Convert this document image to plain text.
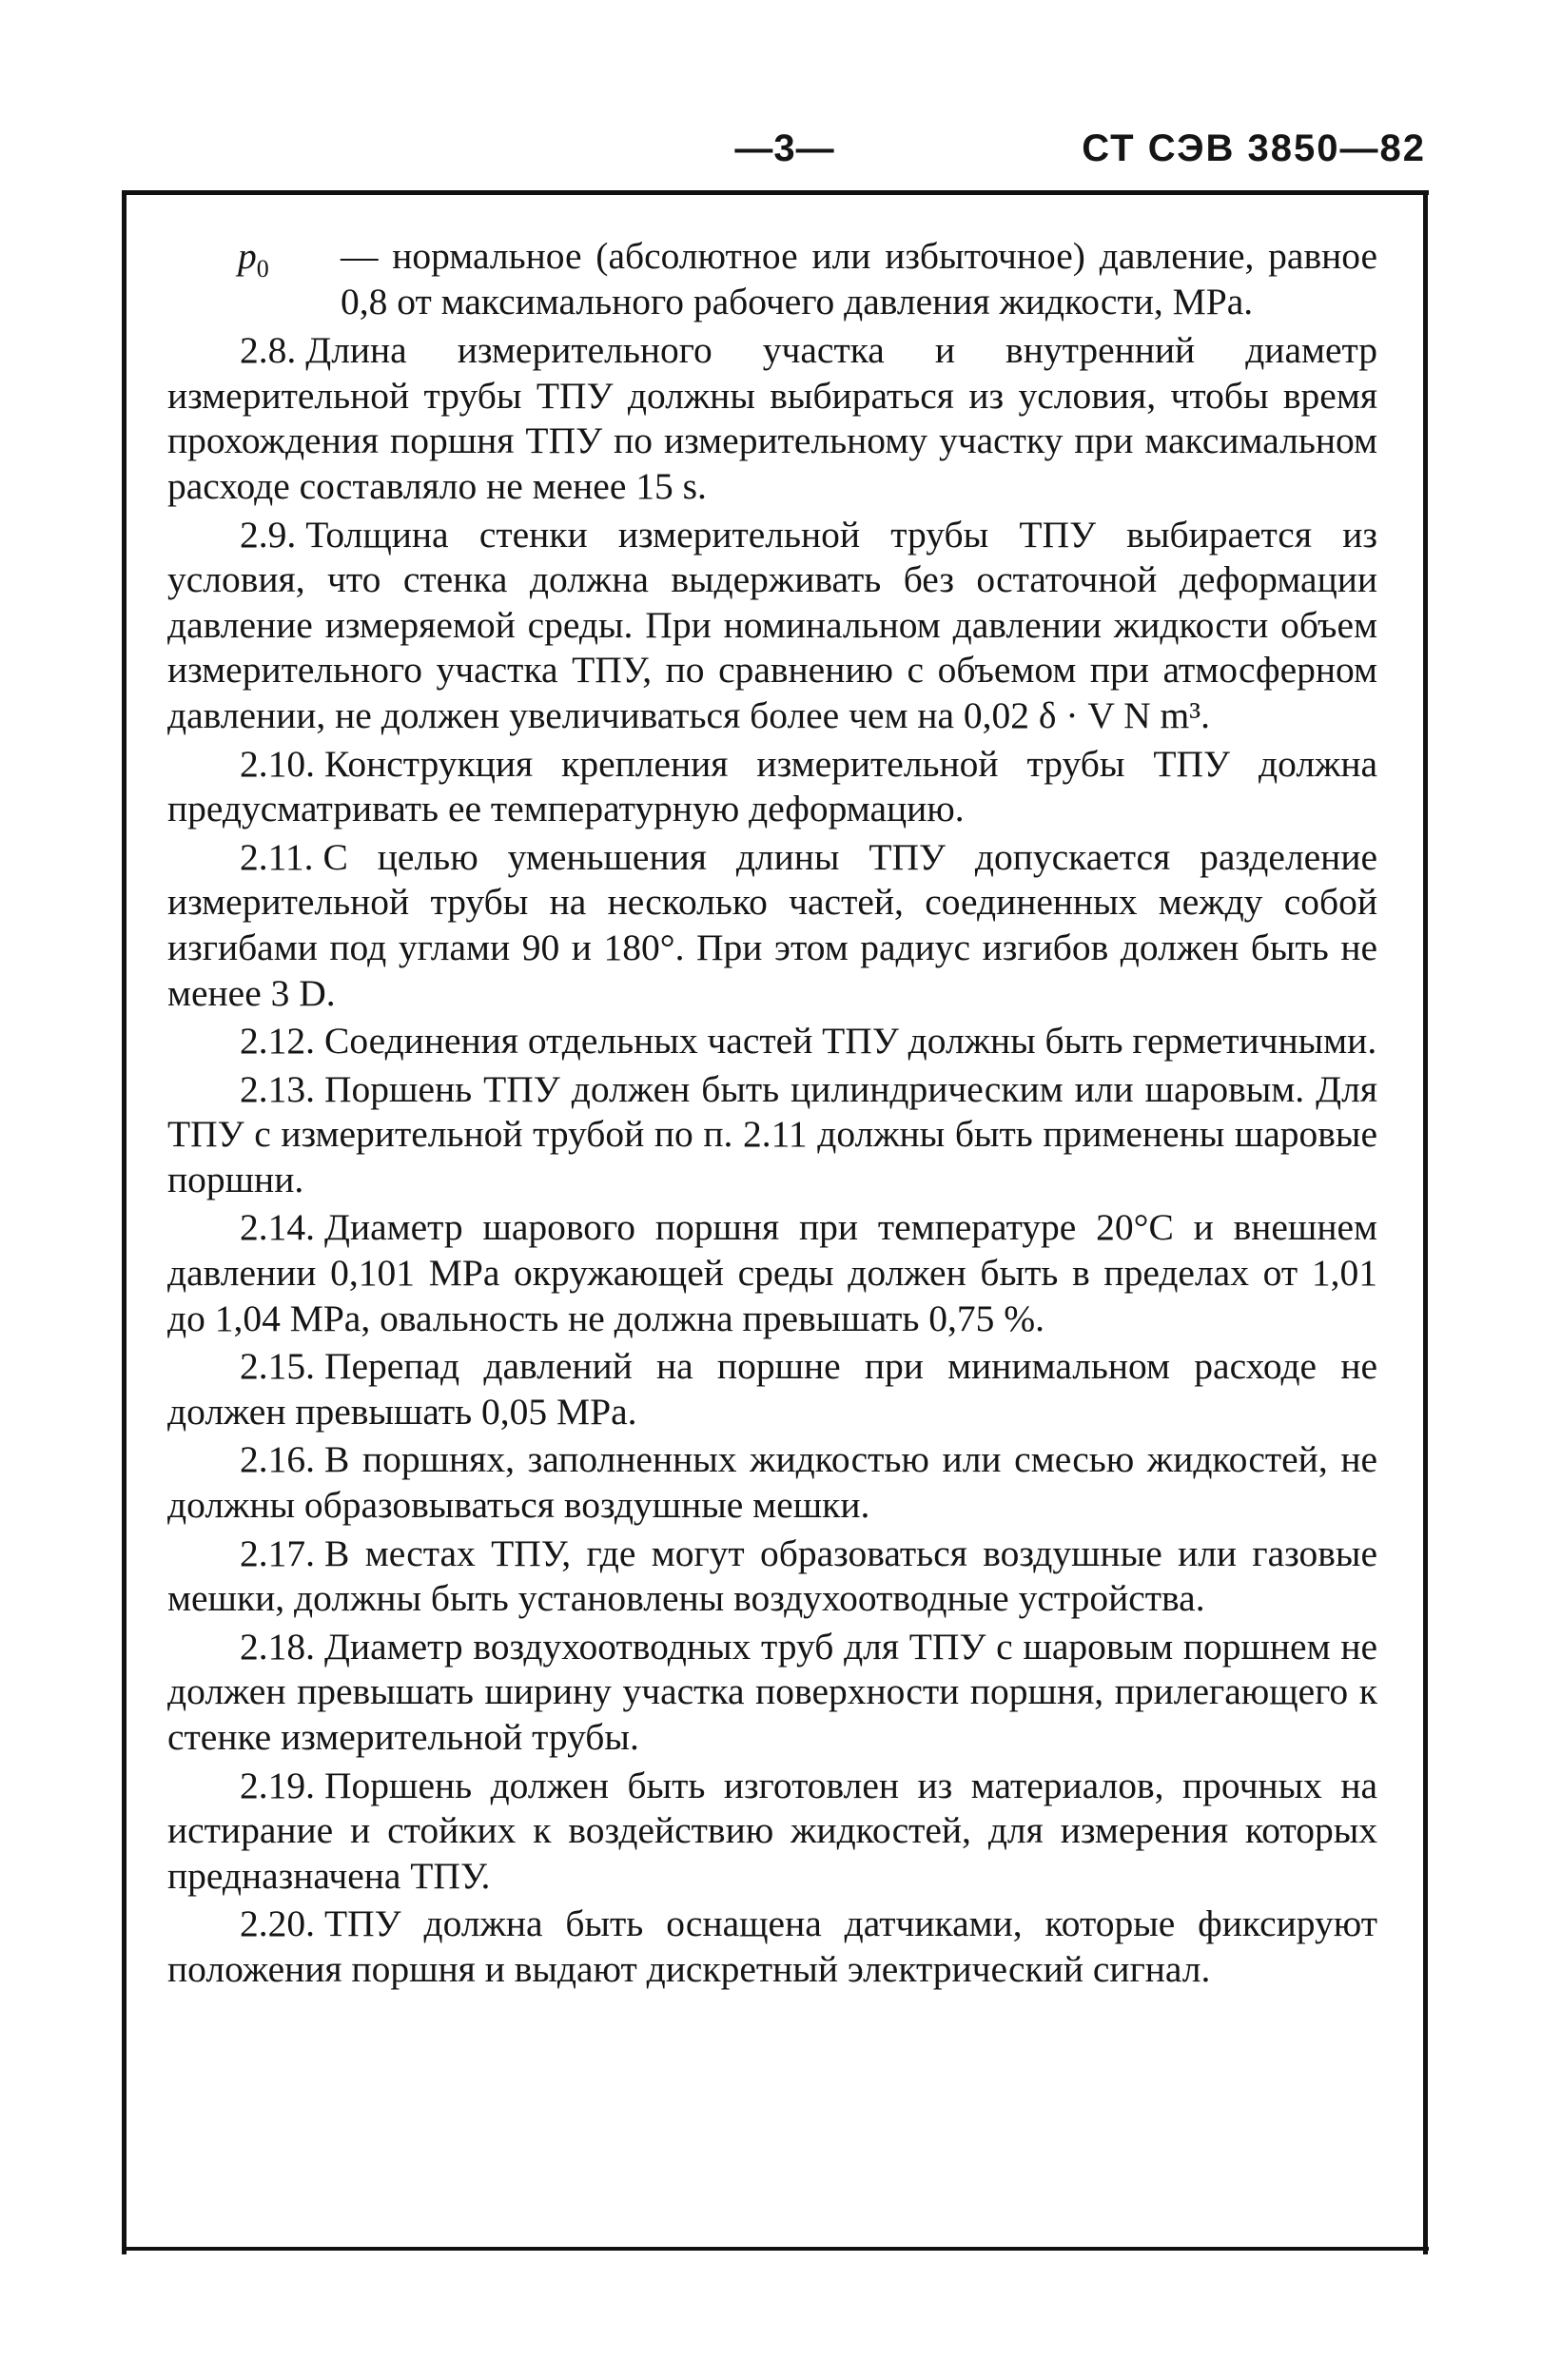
—3—	СТ СЭВ 3850—82
$p_0$ — нормальное (абсолютное или избыточное) давление, равное 0,8 от максимального рабочего давления жидкости, МРа.

2.8. Длина измерительного участка и внутренний диаметр измерительной трубы ТПУ должны выбираться из условия, чтобы время прохождения поршня ТПУ по измерительному участку при максимальном расходе составляло не менее 15 s.

2.9. Толщина стенки измерительной трубы ТПУ выбирается из условия, что стенка должна выдерживать без остаточной деформации давление измеряемой среды. При номинальном давлении жидкости объем измерительного участка ТПУ, по сравнению с объемом при атмосферном давлении, не должен увеличиваться более чем на 0,02 δ · V N m³.

2.10. Конструкция крепления измерительной трубы ТПУ должна предусматривать ее температурную деформацию.

2.11. С целью уменьшения длины ТПУ допускается разделение измерительной трубы на несколько частей, соединенных между собой изгибами под углами 90 и 180°. При этом радиус изгибов должен быть не менее 3 D.

2.12. Соединения отдельных частей ТПУ должны быть герметичными.

2.13. Поршень ТПУ должен быть цилиндрическим или шаровым. Для ТПУ с измерительной трубой по п. 2.11 должны быть применены шаровые поршни.

2.14. Диаметр шарового поршня при температуре 20°С и внешнем давлении 0,101 МРа окружающей среды должен быть в пределах от 1,01 до 1,04 МРа, овальность не должна превышать 0,75 %.

2.15. Перепад давлений на поршне при минимальном расходе не должен превышать 0,05 МРа.

2.16. В поршнях, заполненных жидкостью или смесью жидкостей, не должны образовываться воздушные мешки.

2.17. В местах ТПУ, где могут образоваться воздушные или газовые мешки, должны быть установлены воздухоотводные устройства.

2.18. Диаметр воздухоотводных труб для ТПУ с шаровым поршнем не должен превышать ширину участка поверхности поршня, прилегающего к стенке измерительной трубы.

2.19. Поршень должен быть изготовлен из материалов, прочных на истирание и стойких к воздействию жидкостей, для измерения которых предназначена ТПУ.

2.20. ТПУ должна быть оснащена датчиками, которые фиксируют положения поршня и выдают дискретный электрический сигнал.
